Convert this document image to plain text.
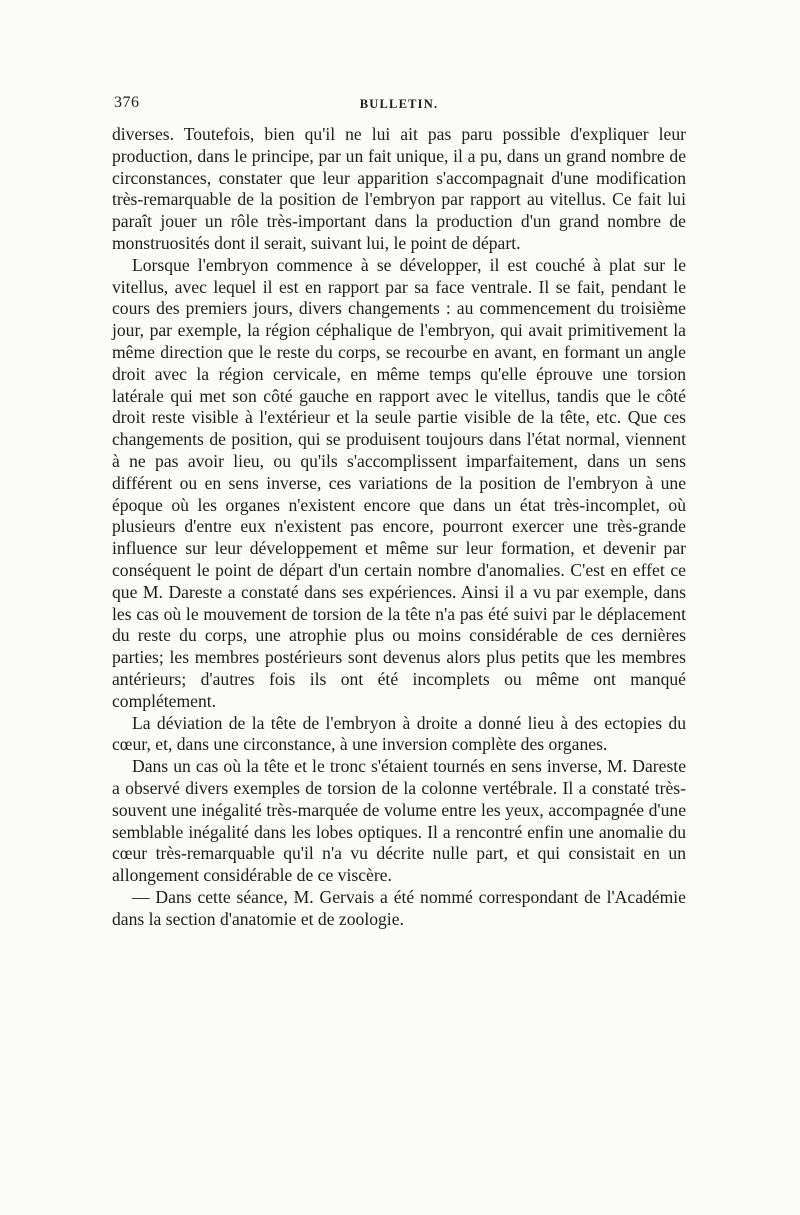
376	BULLETIN.

diverses. Toutefois, bien qu'il ne lui ait pas paru possible d'expliquer leur production, dans le principe, par un fait unique, il a pu, dans un grand nombre de circonstances, constater que leur apparition s'accompagnait d'une modification très-remarquable de la position de l'embryon par rapport au vitellus. Ce fait lui paraît jouer un rôle très-important dans la production d'un grand nombre de monstruosités dont il serait, suivant lui, le point de départ.

Lorsque l'embryon commence à se développer, il est couché à plat sur le vitellus, avec lequel il est en rapport par sa face ventrale. Il se fait, pendant le cours des premiers jours, divers changements : au commencement du troisième jour, par exemple, la région céphalique de l'embryon, qui avait primitivement la même direction que le reste du corps, se recourbe en avant, en formant un angle droit avec la région cervicale, en même temps qu'elle éprouve une torsion latérale qui met son côté gauche en rapport avec le vitellus, tandis que le côté droit reste visible à l'extérieur et la seule partie visible de la tête, etc. Que ces changements de position, qui se produisent toujours dans l'état normal, viennent à ne pas avoir lieu, ou qu'ils s'accomplissent imparfaitement, dans un sens différent ou en sens inverse, ces variations de la position de l'embryon à une époque où les organes n'existent encore que dans un état très-incomplet, où plusieurs d'entre eux n'existent pas encore, pourront exercer une très-grande influence sur leur développement et même sur leur formation, et devenir par conséquent le point de départ d'un certain nombre d'anomalies. C'est en effet ce que M. Dareste a constaté dans ses expériences. Ainsi il a vu par exemple, dans les cas où le mouvement de torsion de la tête n'a pas été suivi par le déplacement du reste du corps, une atrophie plus ou moins considérable de ces dernières parties; les membres postérieurs sont devenus alors plus petits que les membres antérieurs; d'autres fois ils ont été incomplets ou même ont manqué complétement.

La déviation de la tête de l'embryon à droite a donné lieu à des ectopies du cœur, et, dans une circonstance, à une inversion complète des organes.

Dans un cas où la tête et le tronc s'étaient tournés en sens inverse, M. Dareste a observé divers exemples de torsion de la colonne vertébrale. Il a constaté très-souvent une inégalité très-marquée de volume entre les yeux, accompagnée d'une semblable inégalité dans les lobes optiques. Il a rencontré enfin une anomalie du cœur très-remarquable qu'il n'a vu décrite nulle part, et qui consistait en un allongement considérable de ce viscère.

— Dans cette séance, M. Gervais a été nommé correspondant de l'Académie dans la section d'anatomie et de zoologie.
